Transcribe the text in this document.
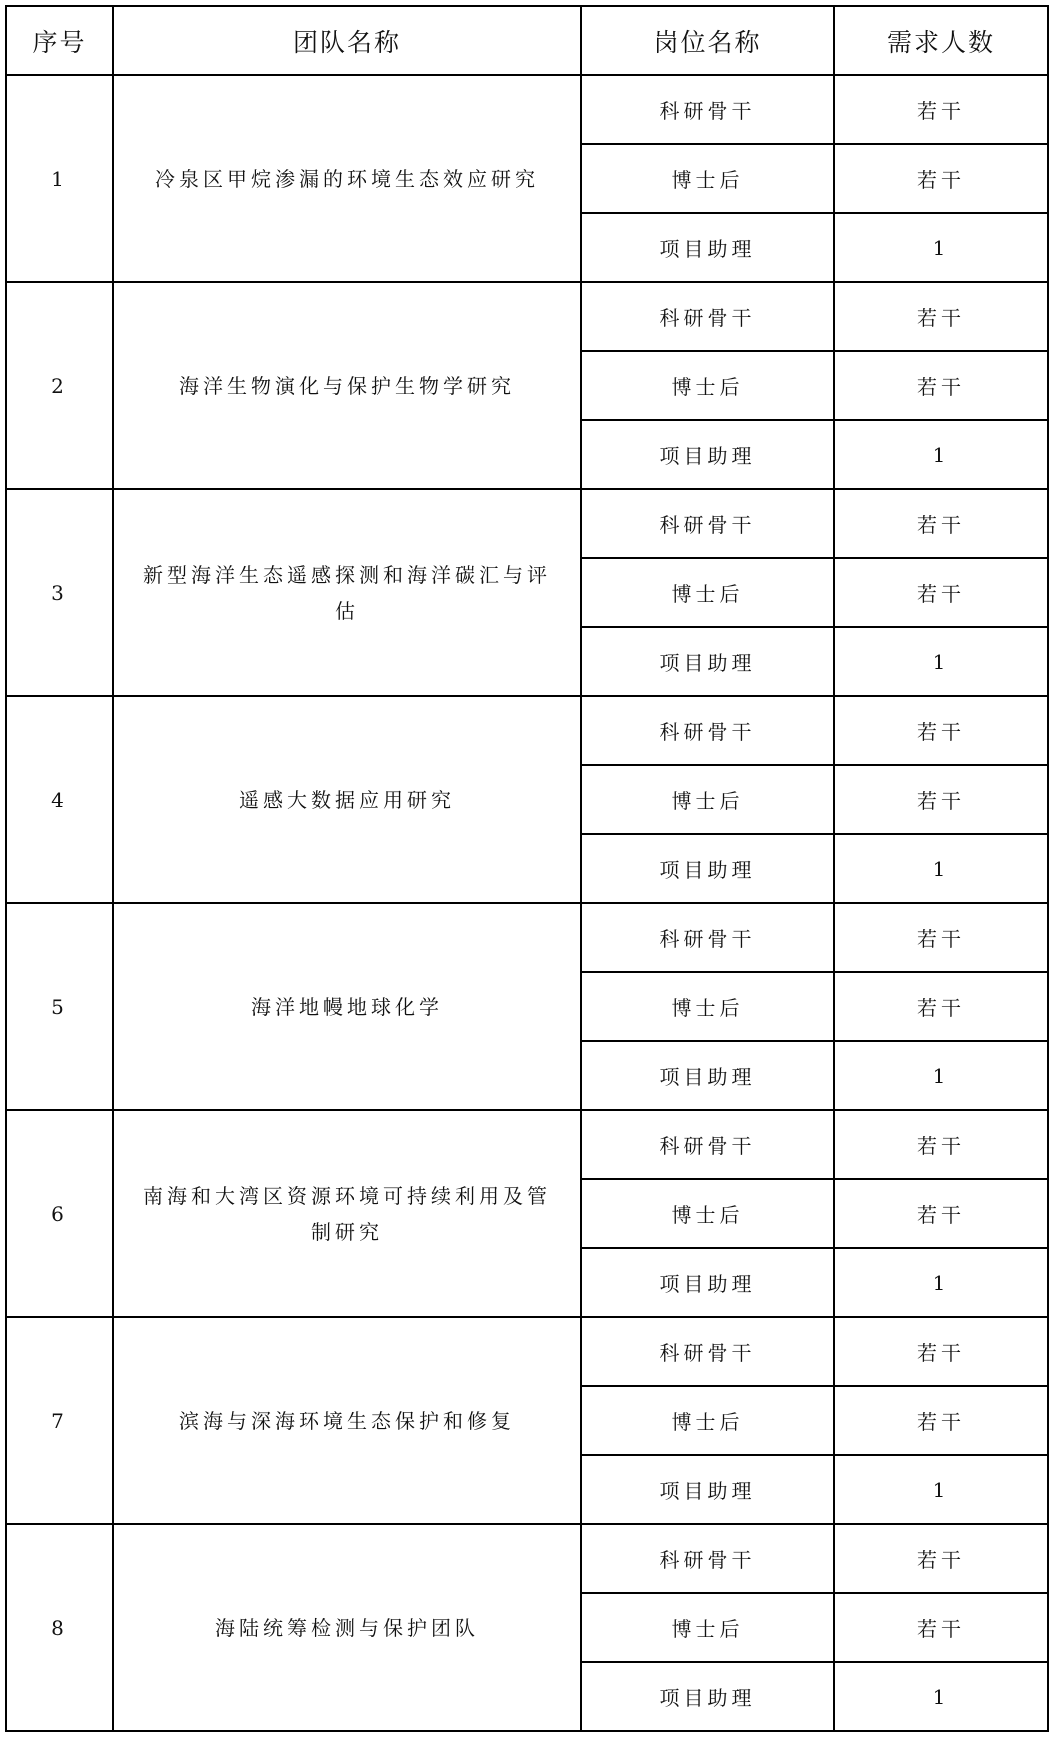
序号	团队名称	岗位名称	需求人数
1	冷泉区甲烷渗漏的环境生态效应研究	科研骨干	若干
		博士后	若干
		项目助理	1
2	海洋生物演化与保护生物学研究	科研骨干	若干
		博士后	若干
		项目助理	1
3	新型海洋生态遥感探测和海洋碳汇与评估	科研骨干	若干
		博士后	若干
		项目助理	1
4	遥感大数据应用研究	科研骨干	若干
		博士后	若干
		项目助理	1
5	海洋地幔地球化学	科研骨干	若干
		博士后	若干
		项目助理	1
6	南海和大湾区资源环境可持续利用及管制研究	科研骨干	若干
		博士后	若干
		项目助理	1
7	滨海与深海环境生态保护和修复	科研骨干	若干
		博士后	若干
		项目助理	1
8	海陆统筹检测与保护团队	科研骨干	若干
		博士后	若干
		项目助理	1
